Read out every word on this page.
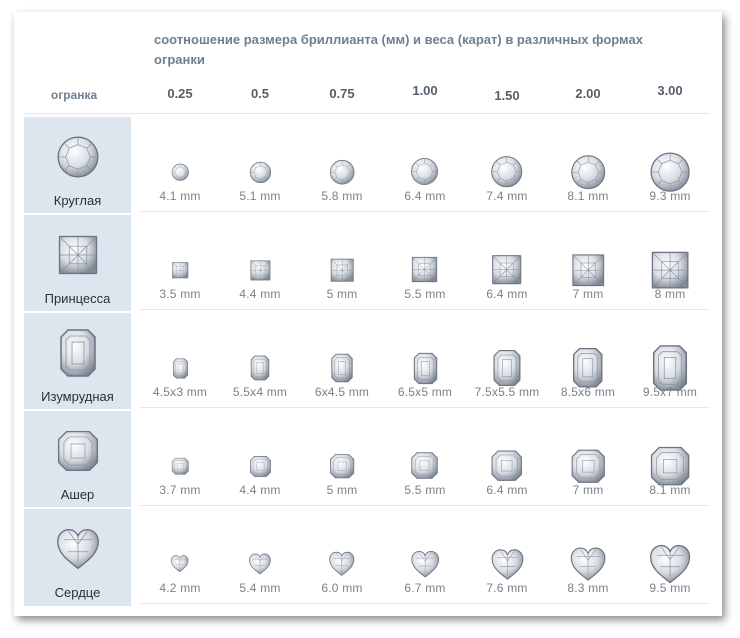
соотношение размера бриллианта (мм) и веса (карат) в различных формах огранки
огранка	0.25	0.5	0.75	1.00	1.50	2.00	3.00
Круглая	4.1 mm	5.1 mm	5.8 mm	6.4 mm	7.4 mm	8.1 mm	9.3 mm
Принцесса	3.5 mm	4.4 mm	5 mm	5.5 mm	6.4 mm	7 mm	8 mm
Изумрудная	4.5x3 mm	5.5x4 mm	6x4.5 mm	6.5x5 mm	7.5x5.5 mm	8.5x6 mm	9.5x7 mm
Ашер	3.7 mm	4.4 mm	5 mm	5.5 mm	6.4 mm	7 mm	8.1 mm
Сердце	4.2 mm	5.4 mm	6.0 mm	6.7 mm	7.6 mm	8.3 mm	9.5 mm
